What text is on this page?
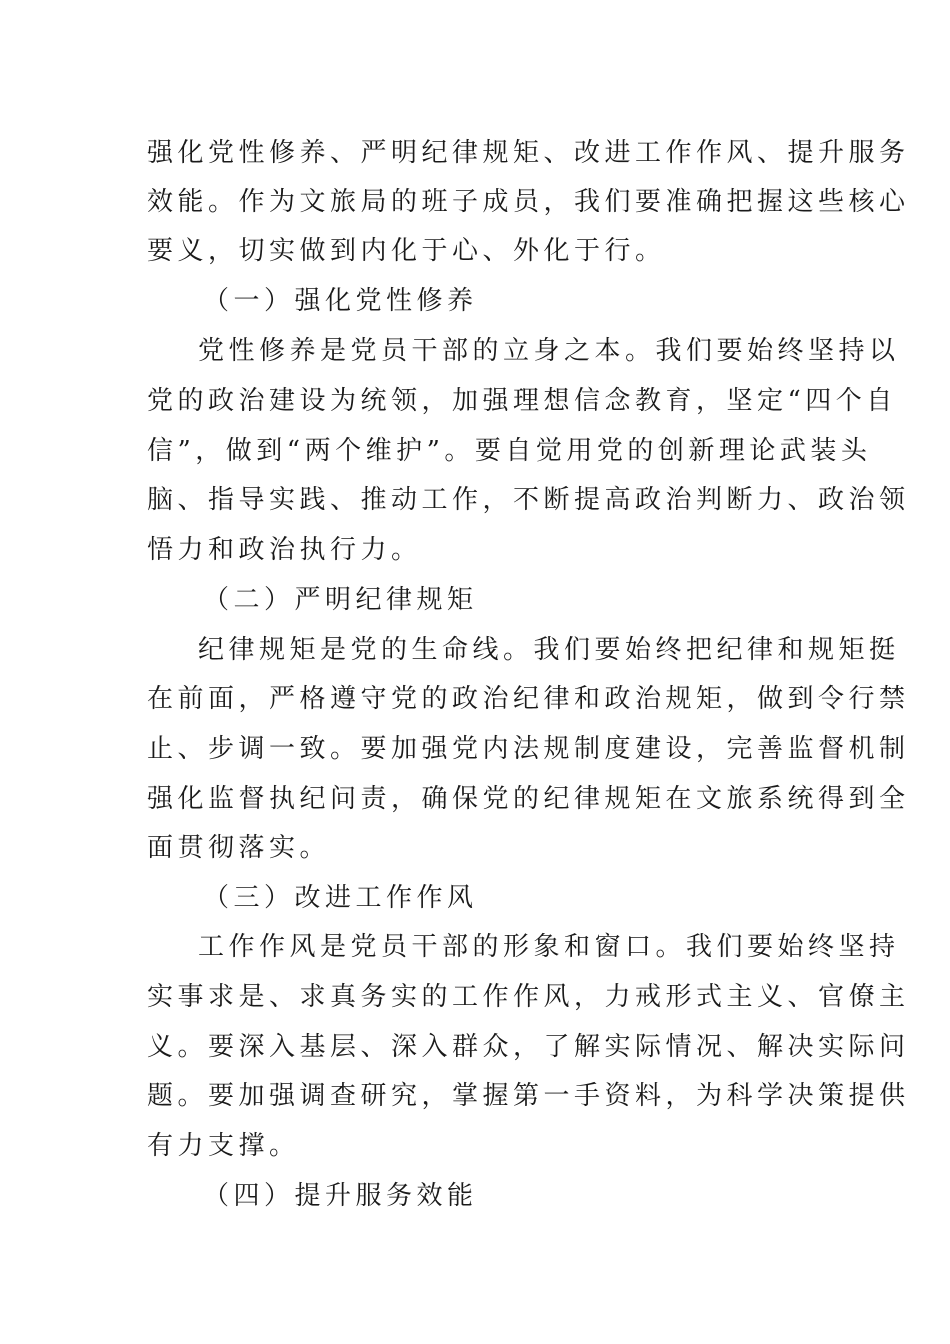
强化党性修养、严明纪律规矩、改进工作作风、提升服务
效能。作为文旅局的班子成员，我们要准确把握这些核心
要义，切实做到内化于心、外化于行。
（一）强化党性修养
党性修养是党员干部的立身之本。我们要始终坚持以
党的政治建设为统领，加强理想信念教育，坚定“四个自
信”，做到“两个维护”。要自觉用党的创新理论武装头
脑、指导实践、推动工作，不断提高政治判断力、政治领
悟力和政治执行力。
（二）严明纪律规矩
纪律规矩是党的生命线。我们要始终把纪律和规矩挺
在前面，严格遵守党的政治纪律和政治规矩，做到令行禁
止、步调一致。要加强党内法规制度建设，完善监督机制
强化监督执纪问责，确保党的纪律规矩在文旅系统得到全
面贯彻落实。
（三）改进工作作风
工作作风是党员干部的形象和窗口。我们要始终坚持
实事求是、求真务实的工作作风，力戒形式主义、官僚主
义。要深入基层、深入群众，了解实际情况、解决实际问
题。要加强调查研究，掌握第一手资料，为科学决策提供
有力支撑。
（四）提升服务效能
